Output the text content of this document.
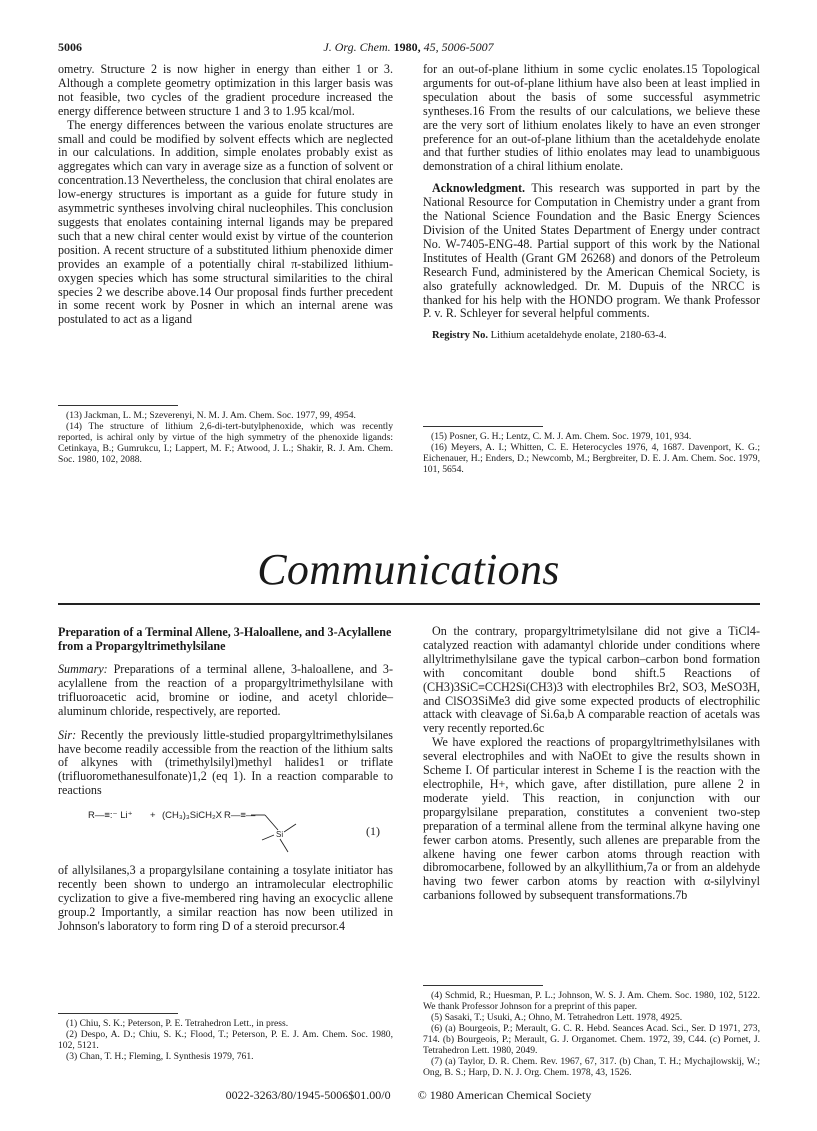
5006	J. Org. Chem. 1980, 45, 5006-5007

ometry. Structure 2 is now higher in energy than either 1 or 3. Although a complete geometry optimization in this larger basis was not feasible, two cycles of the gradient procedure increased the energy difference between structure 1 and 3 to 1.95 kcal/mol.

The energy differences between the various enolate structures are small and could be modified by solvent effects which are neglected in our calculations. In addition, simple enolates probably exist as aggregates which can vary in average size as a function of solvent or concentration.13 Nevertheless, the conclusion that chiral enolates are low-energy structures is important as a guide for future study in asymmetric syntheses involving chiral nucleophiles. This conclusion suggests that enolates containing internal ligands may be prepared such that a new chiral center would exist by virtue of the counterion position. A recent structure of a substituted lithium phenoxide dimer provides an example of a potentially chiral π-stabilized lithium-oxygen species which has some structural similarities to the chiral species 2 we describe above.14 Our proposal finds further precedent in some recent work by Posner in which an internal arene was postulated to act as a ligand

(13) Jackman, L. M.; Szeverenyi, N. M. J. Am. Chem. Soc. 1977, 99, 4954.

(14) The structure of lithium 2,6-di-tert-butylphenoxide, which was recently reported, is achiral only by virtue of the high symmetry of the phenoxide ligands: Cetinkaya, B.; Gumrukcu, I.; Lappert, M. F.; Atwood, J. L.; Shakir, R. J. Am. Chem. Soc. 1980, 102, 2088.

for an out-of-plane lithium in some cyclic enolates.15 Topological arguments for out-of-plane lithium have also been at least implied in speculation about the basis of some successful asymmetric syntheses.16 From the results of our calculations, we believe these are the very sort of lithium enolates likely to have an even stronger preference for an out-of-plane lithium than the acetaldehyde enolate and that further studies of lithio enolates may lead to unambiguous demonstration of a chiral lithium enolate.

Acknowledgment. This research was supported in part by the National Resource for Computation in Chemistry under a grant from the National Science Foundation and the Basic Energy Sciences Division of the United States Department of Energy under contract No. W-7405-ENG-48. Partial support of this work by the National Institutes of Health (Grant GM 26268) and donors of the Petroleum Research Fund, administered by the American Chemical Society, is also gratefully acknowledged. Dr. M. Dupuis of the NRCC is thanked for his help with the HONDO program. We thank Professor P. v. R. Schleyer for several helpful comments.

Registry No. Lithium acetaldehyde enolate, 2180-63-4.

(15) Posner, G. H.; Lentz, C. M. J. Am. Chem. Soc. 1979, 101, 934.

(16) Meyers, A. I.; Whitten, C. E. Heterocycles 1976, 4, 1687. Davenport, K. G.; Eichenauer, H.; Enders, D.; Newcomb, M.; Bergbreiter, D. E. J. Am. Chem. Soc. 1979, 101, 5654.

Communications
Preparation of a Terminal Allene, 3-Haloallene, and 3-Acylallene from a Propargyltrimethylsilane

Summary: Preparations of a terminal allene, 3-haloallene, and 3-acylallene from the reaction of a propargyltrimethylsilane with trifluoroacetic acid, bromine or iodine, and acetyl chloride–aluminum chloride, respectively, are reported.

Sir: Recently the previously little-studied propargyltrimethylsilanes have become readily accessible from the reaction of the lithium salts of alkynes with (trimethylsilyl)methyl halides1 or triflate (trifluoromethanesulfonate)1,2 (eq 1). In a reaction comparable to reactions

R—≡:⁻ Li⁺ + (CH₃)₃SiCH₂X R—≡—
Si	(1)

of allylsilanes,3 a propargylsilane containing a tosylate initiator has recently been shown to undergo an intramolecular electrophilic cyclization to give a five-membered ring having an exocyclic allene group.2 Importantly, a similar reaction has now been utilized in Johnson's laboratory to form ring D of a steroid precursor.4

(1) Chiu, S. K.; Peterson, P. E. Tetrahedron Lett., in press.

(2) Despo, A. D.; Chiu, S. K.; Flood, T.; Peterson, P. E. J. Am. Chem. Soc. 1980, 102, 5121.

(3) Chan, T. H.; Fleming, I. Synthesis 1979, 761.

On the contrary, propargyltrimetylsilane did not give a TiCl4-catalyzed reaction with adamantyl chloride under conditions where allyltrimethylsilane gave the typical carbon–carbon bond formation with concomitant double bond shift.5 Reactions of (CH3)3SiC≡CCH2Si(CH3)3 with electrophiles Br2, SO3, MeSO3H, and ClSO3SiMe3 did give some expected products of electrophilic attack with cleavage of Si.6a,b A comparable reaction of acetals was very recently reported.6c

We have explored the reactions of propargyltrimethylsilanes with several electrophiles and with NaOEt to give the results shown in Scheme I. Of particular interest in Scheme I is the reaction with the electrophile, H+, which gave, after distillation, pure allene 2 in moderate yield. This reaction, in conjunction with our propargylsilane preparation, constitutes a convenient two-step preparation of a terminal allene from the terminal alkyne having one fewer carbon atoms. Presently, such allenes are preparable from the alkene having one fewer carbon atoms through reaction with dibromocarbene, followed by an alkyllithium,7a or from an aldehyde having two fewer carbon atoms by reaction with α-silylvinyl carbanions followed by subsequent transformations.7b

(4) Schmid, R.; Huesman, P. L.; Johnson, W. S. J. Am. Chem. Soc. 1980, 102, 5122. We thank Professor Johnson for a preprint of this paper.

(5) Sasaki, T.; Usuki, A.; Ohno, M. Tetrahedron Lett. 1978, 4925.

(6) (a) Bourgeois, P.; Merault, G. C. R. Hebd. Seances Acad. Sci., Ser. D 1971, 273, 714. (b) Bourgeois, P.; Merault, G. J. Organomet. Chem. 1972, 39, C44. (c) Pornet, J. Tetrahedron Lett. 1980, 2049.

(7) (a) Taylor, D. R. Chem. Rev. 1967, 67, 317. (b) Chan, T. H.; Mychajlowskij, W.; Ong, B. S.; Harp, D. N. J. Org. Chem. 1978, 43, 1526.

0022-3263/80/1945-5006$01.00/0 © 1980 American Chemical Society
